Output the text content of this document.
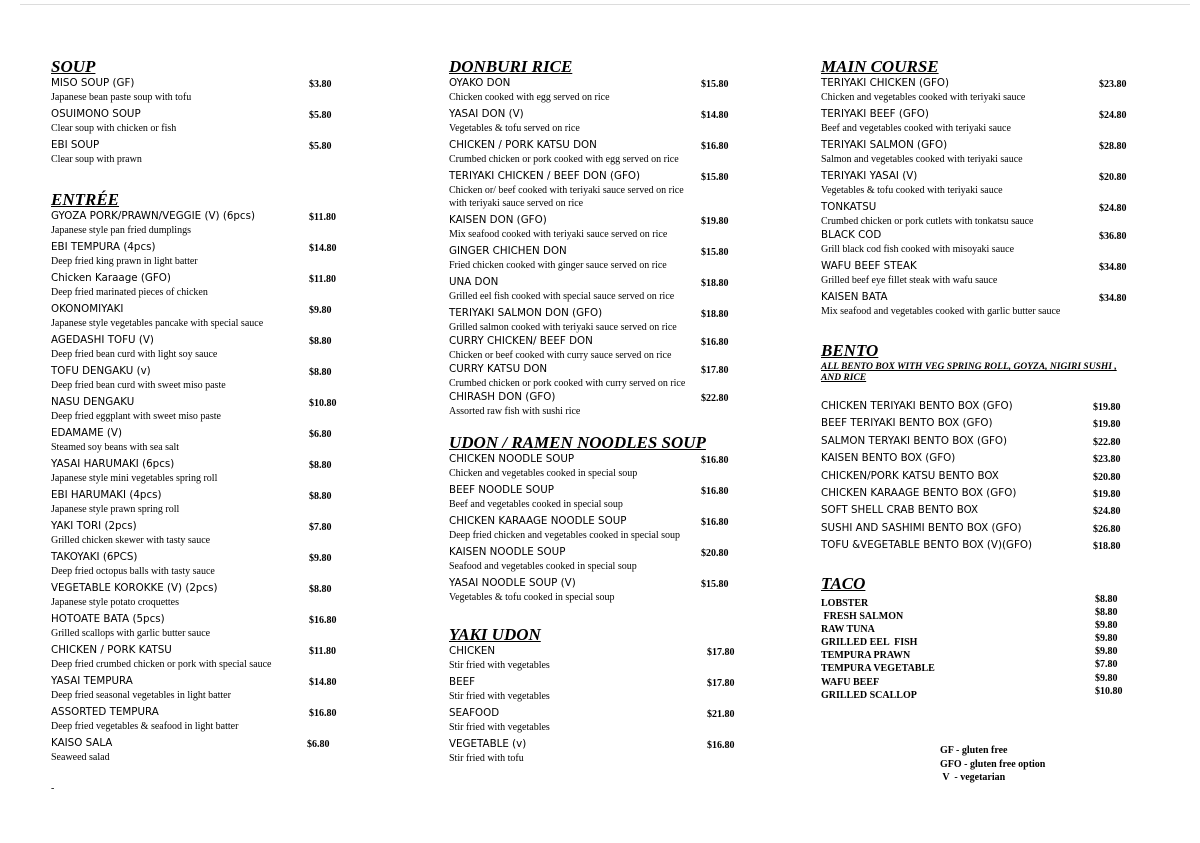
SOUP
MISO SOUP (GF)	$3.80
Japanese bean paste soup with tofu
OSUIMONO SOUP	$5.80
Clear soup with chicken or fish
EBI SOUP	$5.80
Clear soup with prawn
ENTRÉE
GYOZA PORK/PRAWN/VEGGIE (V) (6pcs)	$11.80
Japanese style pan fried dumplings
EBI TEMPURA (4pcs)	$14.80
Deep fried king prawn in light batter
Chicken Karaage (GFO)	$11.80
Deep fried marinated pieces of chicken
OKONOMIYAKI	$9.80
Japanese style vegetables pancake with special sauce
AGEDASHI TOFU (V)	$8.80
Deep fried bean curd with light soy sauce
TOFU DENGAKU (v)	$8.80
Deep fried bean curd with sweet miso paste
NASU DENGAKU	$10.80
Deep fried eggplant with sweet miso paste
EDAMAME (V)	$6.80
Steamed soy beans with sea salt
YASAI HARUMAKI (6pcs)	$8.80
Japanese style mini vegetables spring roll
EBI HARUMAKI (4pcs)	$8.80
Japanese style prawn spring roll
YAKI TORI (2pcs)	$7.80
Grilled chicken skewer with tasty sauce
TAKOYAKI (6PCS)	$9.80
Deep fried octopus balls with tasty sauce
VEGETABLE KOROKKE (V) (2pcs)	$8.80
Japanese style potato croquettes
HOTOATE BATA (5pcs)	$16.80
Grilled scallops with garlic butter sauce
CHICKEN / PORK KATSU	$11.80
Deep fried crumbed chicken or pork with special sauce
YASAI TEMPURA	$14.80
Deep fried seasonal vegetables in light batter
ASSORTED TEMPURA	$16.80
Deep fried vegetables & seafood in light batter
KAISO SALA	$6.80
Seaweed salad
-
DONBURI RICE
OYAKO DON	$15.80
Chicken cooked with egg served on rice
YASAI DON (V)	$14.80
Vegetables & tofu served on rice
CHICKEN / PORK KATSU DON	$16.80
Crumbed chicken or pork cooked with egg served on rice
TERIYAKI CHICKEN / BEEF DON (GFO)	$15.80
Chicken or/ beef cooked with teriyaki sauce served on rice
with teriyaki sauce served on rice
KAISEN DON (GFO)	$19.80
Mix seafood cooked with teriyaki sauce served on rice
GINGER CHICHEN DON	$15.80
Fried chicken cooked with ginger sauce served on rice
UNA DON	$18.80
Grilled eel fish cooked with special sauce served on rice
TERIYAKI SALMON DON (GFO)	$18.80
Grilled salmon cooked with teriyaki sauce served on rice
CURRY CHICKEN/ BEEF DON	$16.80
Chicken or beef cooked with curry sauce served on rice
CURRY KATSU DON	$17.80
Crumbed chicken or pork cooked with curry served on rice
CHIRASH DON (GFO)	$22.80
Assorted raw fish with sushi rice
UDON / RAMEN NOODLES SOUP
CHICKEN NOODLE SOUP	$16.80
Chicken and vegetables cooked in special soup
BEEF NOODLE SOUP	$16.80
Beef and vegetables cooked in special soup
CHICKEN KARAAGE NOODLE SOUP	$16.80
Deep fried chicken and vegetables cooked in special soup
KAISEN NOODLE SOUP	$20.80
Seafood and vegetables cooked in special soup
YASAI NOODLE SOUP (V)	$15.80
Vegetables & tofu cooked in special soup
YAKI UDON
CHICKEN	$17.80
Stir fried with vegetables
BEEF	$17.80
Stir fried with vegetables
SEAFOOD	$21.80
Stir fried with vegetables
VEGETABLE (v)	$16.80
Stir fried with tofu
MAIN COURSE
TERIYAKI CHICKEN (GFO)	$23.80
Chicken and vegetables cooked with teriyaki sauce
TERIYAKI BEEF (GFO)	$24.80
Beef and vegetables cooked with teriyaki sauce
TERIYAKI SALMON (GFO)	$28.80
Salmon and vegetables cooked with teriyaki sauce
TERIYAKI YASAI (V)	$20.80
Vegetables & tofu cooked with teriyaki sauce
TONKATSU	$24.80
Crumbed chicken or pork cutlets with tonkatsu sauce
BLACK COD	$36.80
Grill black cod fish cooked with misoyaki sauce
WAFU BEEF STEAK	$34.80
Grilled beef eye fillet steak with wafu sauce
KAISEN BATA	$34.80
Mix seafood and vegetables cooked with garlic butter sauce
BENTO
ALL BENTO BOX WITH VEG SPRING ROLL, GOYZA, NIGIRI SUSHI ,
AND RICE
CHICKEN TERIYAKI BENTO BOX (GFO)	$19.80
BEEF TERIYAKI BENTO BOX (GFO)	$19.80
SALMON TERYAKI BENTO BOX (GFO)	$22.80
KAISEN BENTO BOX (GFO)	$23.80
CHICKEN/PORK KATSU BENTO BOX	$20.80
CHICKEN KARAAGE BENTO BOX (GFO)	$19.80
SOFT SHELL CRAB BENTO BOX	$24.80
SUSHI AND SASHIMI BENTO BOX (GFO)	$26.80
TOFU &VEGETABLE BENTO BOX (V)(GFO)	$18.80
TACO
LOBSTER	$8.80
FRESH SALMON	$8.80
RAW TUNA	$9.80
GRILLED EEL  FISH	$9.80
TEMPURA PRAWN	$9.80
TEMPURA VEGETABLE	$7.80
WAFU BEEF	$9.80
GRILLED SCALLOP	$10.80
GF - gluten free
GFO - gluten free option
V  - vegetarian
